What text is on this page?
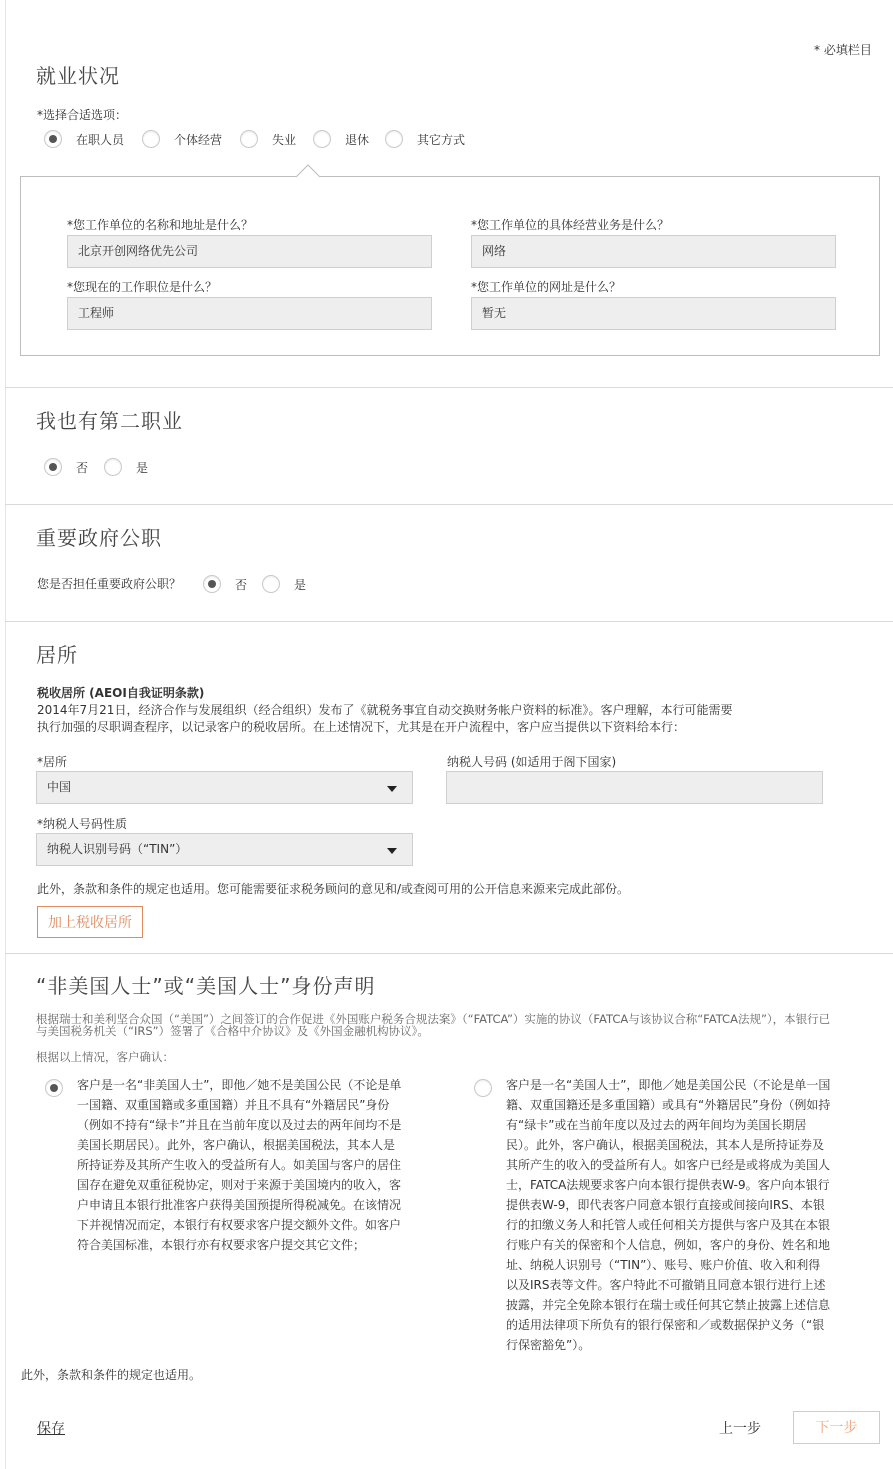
* 必填栏目
就业状况
*选择合适选项：
在职人员	个体经营	失业	退休	其它方式
*您工作单位的名称和地址是什么？
北京开创网络优先公司
*您工作单位的具体经营业务是什么？
网络
*您现在的工作职位是什么？
工程师
*您工作单位的网址是什么？
暂无
我也有第二职业
否	是
重要政府公职
您是否担任重要政府公职？	否	是
居所
税收居所 (AEOI自我证明条款)
2014年7月21日，经济合作与发展组织（经合组织）发布了《就税务事宜自动交换财务帐户资料的标准》。客户理解，本行可能需要
执行加强的尽职调查程序，以记录客户的税收居所。在上述情况下，尤其是在开户流程中，客户应当提供以下资料给本行：
*居所
中国
纳税人号码 (如适用于阁下国家)
*纳税人号码性质
纳税人识别号码（“TIN”）
此外，条款和条件的规定也适用。您可能需要征求税务顾问的意见和/或查阅可用的公开信息来源来完成此部份。
加上税收居所
“非美国人士”或“美国人士”身份声明
根据瑞士和美利坚合众国（“美国”）之间签订的合作促进《外国账户税务合规法案》（“FATCA”）实施的协议（FATCA与该协议合称“FATCA法规”），本银行已
与美国税务机关（“IRS”）签署了《合格中介协议》及《外国金融机构协议》。
根据以上情况，客户确认：
客户是一名“非美国人士”，即他／她不是美国公民（不论是单
一国籍、双重国籍或多重国籍）并且不具有“外籍居民”身份
（例如不持有“绿卡”并且在当前年度以及过去的两年间均不是
美国长期居民）。此外，客户确认，根据美国税法，其本人是
所持证券及其所产生收入的受益所有人。如美国与客户的居住
国存在避免双重征税协定，则对于来源于美国境内的收入，客
户申请且本银行批准客户获得美国预提所得税减免。在该情况
下并视情况而定，本银行有权要求客户提交额外文件。如客户
符合美国标准，本银行亦有权要求客户提交其它文件；
客户是一名“美国人士”，即他／她是美国公民（不论是单一国
籍、双重国籍还是多重国籍）或具有“外籍居民”身份（例如持
有“绿卡”或在当前年度以及过去的两年间均为美国长期居
民）。此外，客户确认，根据美国税法，其本人是所持证券及
其所产生的收入的受益所有人。如客户已经是或将成为美国人
士，FATCA法规要求客户向本银行提供表W-9。客户向本银行
提供表W-9，即代表客户同意本银行直接或间接向IRS、本银
行的扣缴义务人和托管人或任何相关方提供与客户及其在本银
行账户有关的保密和个人信息，例如，客户的身份、姓名和地
址、纳税人识别号（“TIN”）、账号、账户价值、收入和利得
以及IRS表等文件。客户特此不可撤销且同意本银行进行上述
披露，并完全免除本银行在瑞士或任何其它禁止披露上述信息
的适用法律项下所负有的银行保密和／或数据保护义务（“银
行保密豁免”）。
此外，条款和条件的规定也适用。
保存	上一步	下一步
